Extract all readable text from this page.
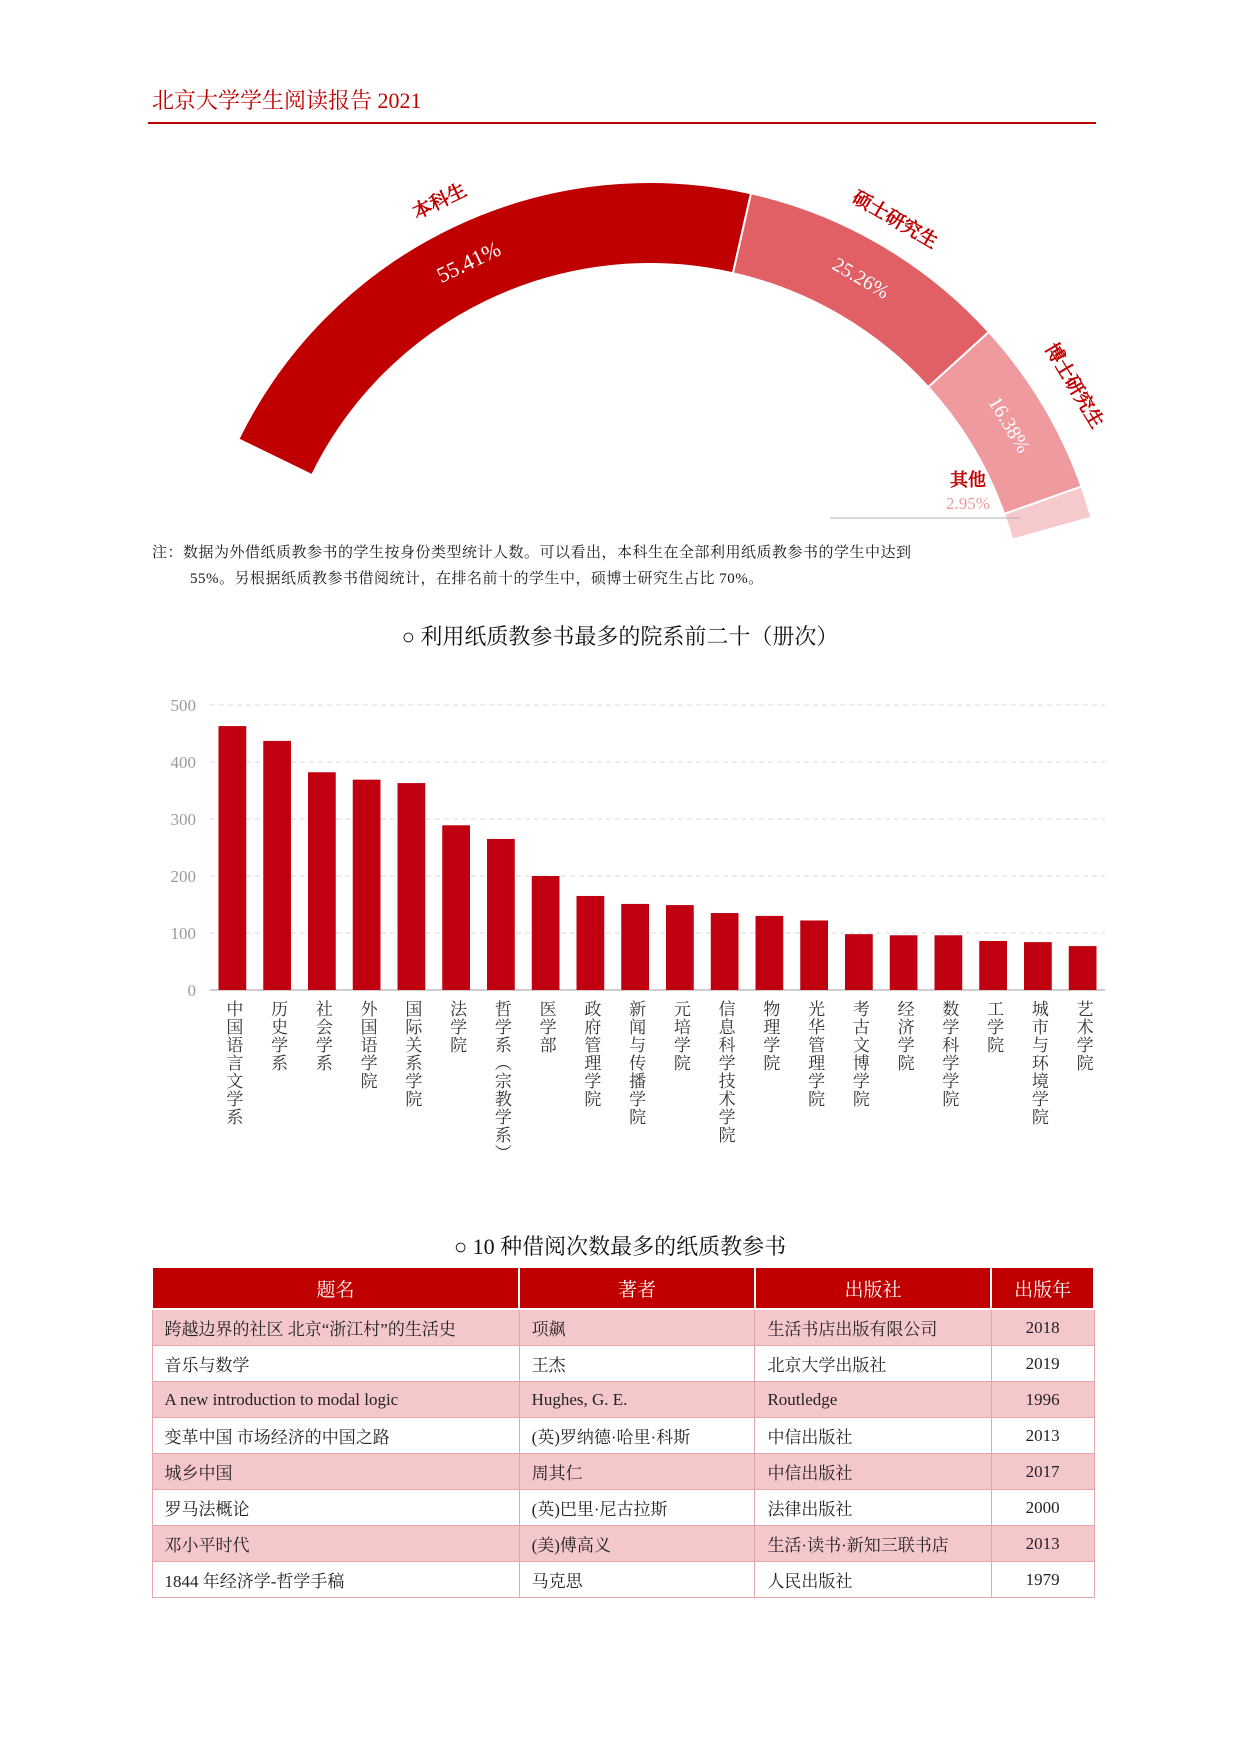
北京大学学生阅读报告 2021
55.41%
本科生
25.26%
硕士研究生
16.38% 博士研究生
其他
2.95%
注：数据为外借纸质教参书的学生按身份类型统计人数。可以看出，本科生在全部利用纸质教参书的学生中达到
55%。另根据纸质教参书借阅统计，在排名前十的学生中，硕博士研究生占比 70%。
○ 利用纸质教参书最多的院系前二十（册次）
0
100
200
300
400
500
中国语言文学系 历史学系 社会学系 外国语学院 国际关系学院 法学院 哲学系（宗教学系） 医学部 政府管理学院 新闻与传播学院 元培学院 信息科学技术学院 物理学院 光华管理学院 考古文博学院 经济学院 数学科学学院 工学院 城市与环境学院 艺术学院
○ 10 种借阅次数最多的纸质教参书
题名	著者	出版社	出版年
跨越边界的社区 北京“浙江村”的生活史	项飙	生活书店出版有限公司	2018
音乐与数学	王杰	北京大学出版社	2019
A new introduction to modal logic	Hughes, G. E.	Routledge	1996
变革中国 市场经济的中国之路	(英)罗纳德·哈里·科斯	中信出版社	2013
城乡中国	周其仁	中信出版社	2017
罗马法概论	(英)巴里·尼古拉斯	法律出版社	2000
邓小平时代	(美)傅高义	生活·读书·新知三联书店	2013
1844 年经济学-哲学手稿	马克思	人民出版社	1979
